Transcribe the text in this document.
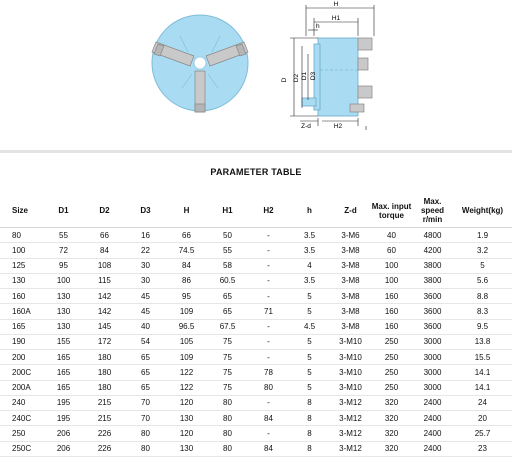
H
H1
h
D D2 D1 D3
Z-d	H2
PARAMETER TABLE
Size	D1	D2	D3	H	H1	H2	h	Z-d	Max. input torque	Max. speed r/min	Weight(kg)
80	55	66	16	66	50	-	3.5	3-M6	40	4800	1.9
100	72	84	22	74.5	55	-	3.5	3-M8	60	4200	3.2
125	95	108	30	84	58	-	4	3-M8	100	3800	5
130	100	115	30	86	60.5	-	3.5	3-M8	100	3800	5.6
160	130	142	45	95	65	-	5	3-M8	160	3600	8.8
160A	130	142	45	109	65	71	5	3-M8	160	3600	8.3
165	130	145	40	96.5	67.5	-	4.5	3-M8	160	3600	9.5
190	155	172	54	105	75	-	5	3-M10	250	3000	13.8
200	165	180	65	109	75	-	5	3-M10	250	3000	15.5
200C	165	180	65	122	75	78	5	3-M10	250	3000	14.1
200A	165	180	65	122	75	80	5	3-M10	250	3000	14.1
240	195	215	70	120	80	-	8	3-M12	320	2400	24
240C	195	215	70	130	80	84	8	3-M12	320	2400	20
250	206	226	80	120	80	-	8	3-M12	320	2400	25.7
250C	206	226	80	130	80	84	8	3-M12	320	2400	23
